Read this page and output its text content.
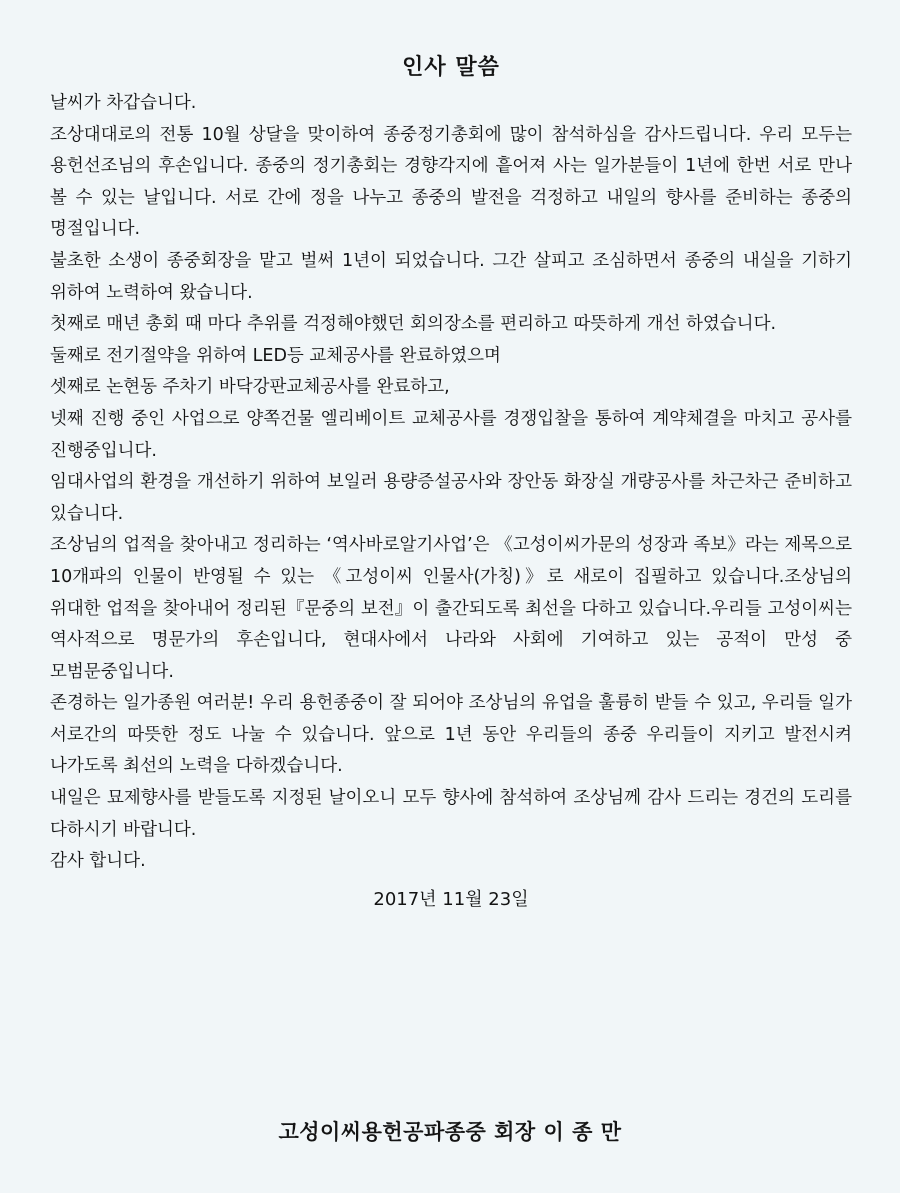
인사 말씀

날씨가 차갑습니다.

조상대대로의 전통 10월 상달을 맞이하여 종중정기총회에 많이 참석하심을 감사드립니다. 우리 모두는 용헌선조님의 후손입니다. 종중의 정기총회는 경향각지에 흩어져 사는 일가분들이 1년에 한번 서로 만나 볼 수 있는 날입니다. 서로 간에 정을 나누고 종중의 발전을 걱정하고 내일의 향사를 준비하는 종중의 명절입니다.

불초한 소생이 종중회장을 맡고 벌써 1년이 되었습니다. 그간 살피고 조심하면서 종중의 내실을 기하기 위하여 노력하여 왔습니다.

첫째로 매년 총회 때 마다 추위를 걱정해야했던 회의장소를 편리하고 따뜻하게 개선 하였습니다.

둘째로 전기절약을 위하여 LED등 교체공사를 완료하였으며

셋째로 논현동 주차기 바닥강판교체공사를 완료하고,

넷째 진행 중인 사업으로 양쪽건물 엘리베이트 교체공사를 경쟁입찰을 통하여 계약체결을 마치고 공사를 진행중입니다.

임대사업의 환경을 개선하기 위하여 보일러 용량증설공사와 장안동 화장실 개량공사를 차근차근 준비하고 있습니다.

조상님의 업적을 찾아내고 정리하는 ‘역사바로알기사업’은 《고성이씨가문의 성장과 족보》라는 제목으로 10개파의 인물이 반영될 수 있는 《고성이씨 인물사(가칭)》로 새로이 집필하고 있습니다.조상님의 위대한 업적을 찾아내어 정리된『문중의 보전』이 출간되도록 최선을 다하고 있습니다.우리들 고성이씨는 역사적으로 명문가의 후손입니다, 현대사에서 나라와 사회에 기여하고 있는 공적이 만성 중 모범문중입니다.

존경하는 일가종원 여러분! 우리 용헌종중이 잘 되어야 조상님의 유업을 훌륭히 받들 수 있고, 우리들 일가 서로간의 따뜻한 정도 나눌 수 있습니다. 앞으로 1년 동안 우리들의 종중 우리들이 지키고 발전시켜 나가도록 최선의 노력을 다하겠습니다.

내일은 묘제향사를 받들도록 지정된 날이오니 모두 향사에 참석하여 조상님께 감사 드리는 경건의 도리를 다하시기 바랍니다.

감사 합니다.

2017년 11월 23일
고성이씨용헌공파종중 회장 이 종 만
